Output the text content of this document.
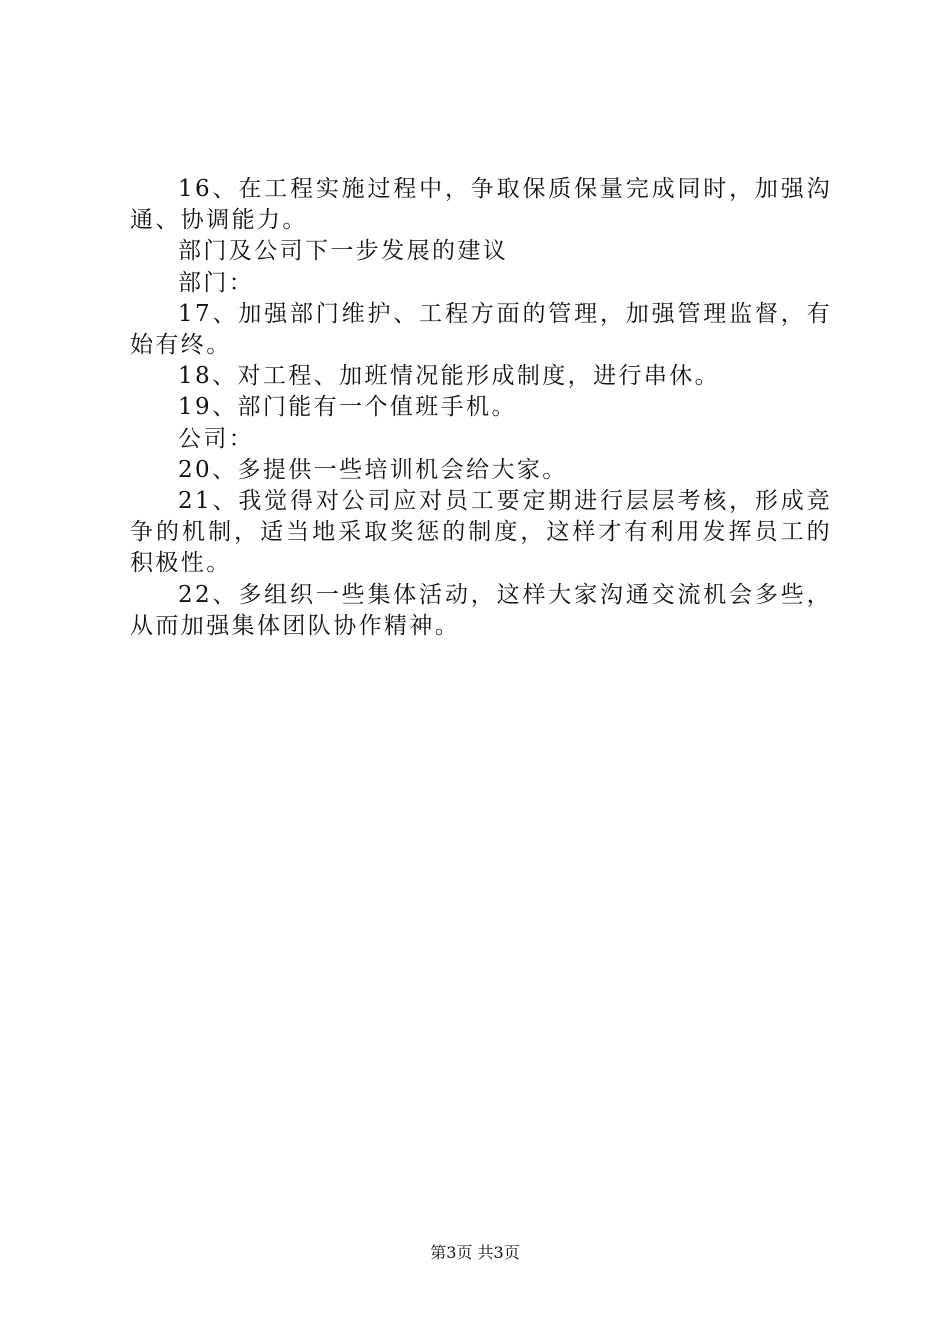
16、在工程实施过程中，争取保质保量完成同时，加强沟通、协调能力。

部门及公司下一步发展的建议

部门：

17、加强部门维护、工程方面的管理，加强管理监督，有始有终。

18、对工程、加班情况能形成制度，进行串休。

19、部门能有一个值班手机。

公司：

20、多提供一些培训机会给大家。

21、我觉得对公司应对员工要定期进行层层考核，形成竞争的机制，适当地采取奖惩的制度，这样才有利用发挥员工的积极性。

22、多组织一些集体活动，这样大家沟通交流机会多些，从而加强集体团队协作精神。

第3页 共3页
